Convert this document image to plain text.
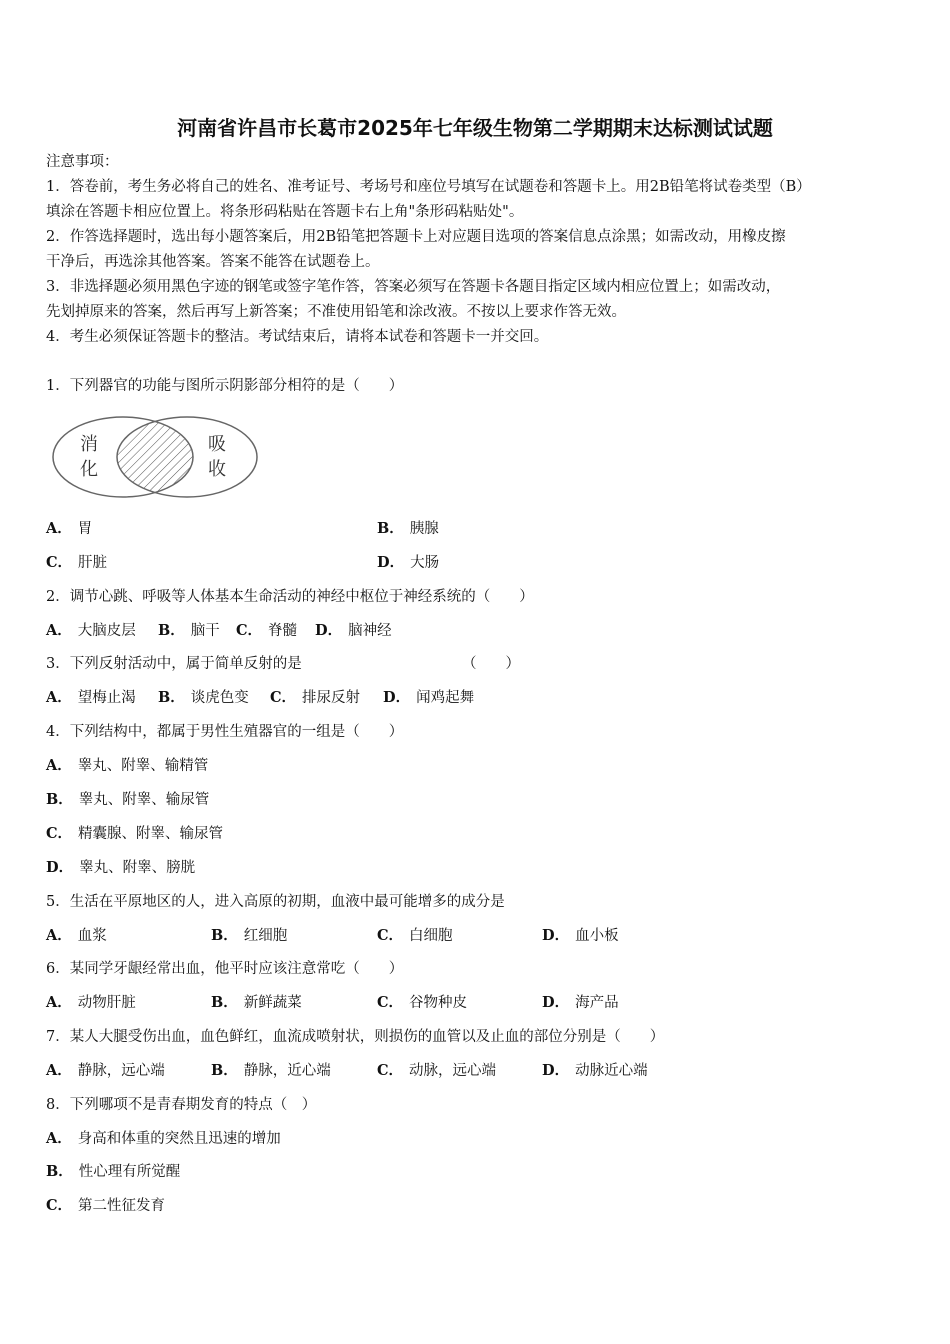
河南省许昌市长葛市2025年七年级生物第二学期期末达标测试试题
注意事项：
1．答卷前，考生务必将自己的姓名、准考证号、考场号和座位号填写在试题卷和答题卡上。用2B铅笔将试卷类型（B）
填涂在答题卡相应位置上。将条形码粘贴在答题卡右上角"条形码粘贴处"。
2．作答选择题时，选出每小题答案后，用2B铅笔把答题卡上对应题目选项的答案信息点涂黑；如需改动，用橡皮擦
干净后，再选涂其他答案。答案不能答在试题卷上。
3．非选择题必须用黑色字迹的钢笔或签字笔作答，答案必须写在答题卡各题目指定区域内相应位置上；如需改动，
先划掉原来的答案，然后再写上新答案；不准使用铅笔和涂改液。不按以上要求作答无效。
4．考生必须保证答题卡的整洁。考试结束后，请将本试卷和答题卡一并交回。
1．下列器官的功能与图所示阴影部分相符的是（　　）
消
化
吸
收
A． 胃	B． 胰腺
C． 肝脏	D． 大肠
2．调节心跳、呼吸等人体基本生命活动的神经中枢位于神经系统的（　　）
A． 大脑皮层 B． 脑干 C． 脊髓 D． 脑神经
3．下列反射活动中，属于简单反射的是	（　　）
A． 望梅止渴 B． 谈虎色变 C． 排尿反射 D． 闻鸡起舞
4．下列结构中，都属于男性生殖器官的一组是（　　）
A． 睾丸、附睾、输精管
B． 睾丸、附睾、输尿管
C． 精囊腺、附睾、输尿管
D． 睾丸、附睾、膀胱
5．生活在平原地区的人，进入高原的初期，血液中最可能增多的成分是
A． 血浆	B． 红细胞	C． 白细胞	D． 血小板
6．某同学牙龈经常出血，他平时应该注意常吃（　　）
A． 动物肝脏	B． 新鲜蔬菜	C． 谷物种皮	D． 海产品
7．某人大腿受伤出血，血色鲜红，血流成喷射状，则损伤的血管以及止血的部位分别是（　　）
A． 静脉，远心端	B． 静脉，近心端	C． 动脉，远心端	D． 动脉近心端
8．下列哪项不是青春期发育的特点（　）
A． 身高和体重的突然且迅速的增加
B． 性心理有所觉醒
C． 第二性征发育
